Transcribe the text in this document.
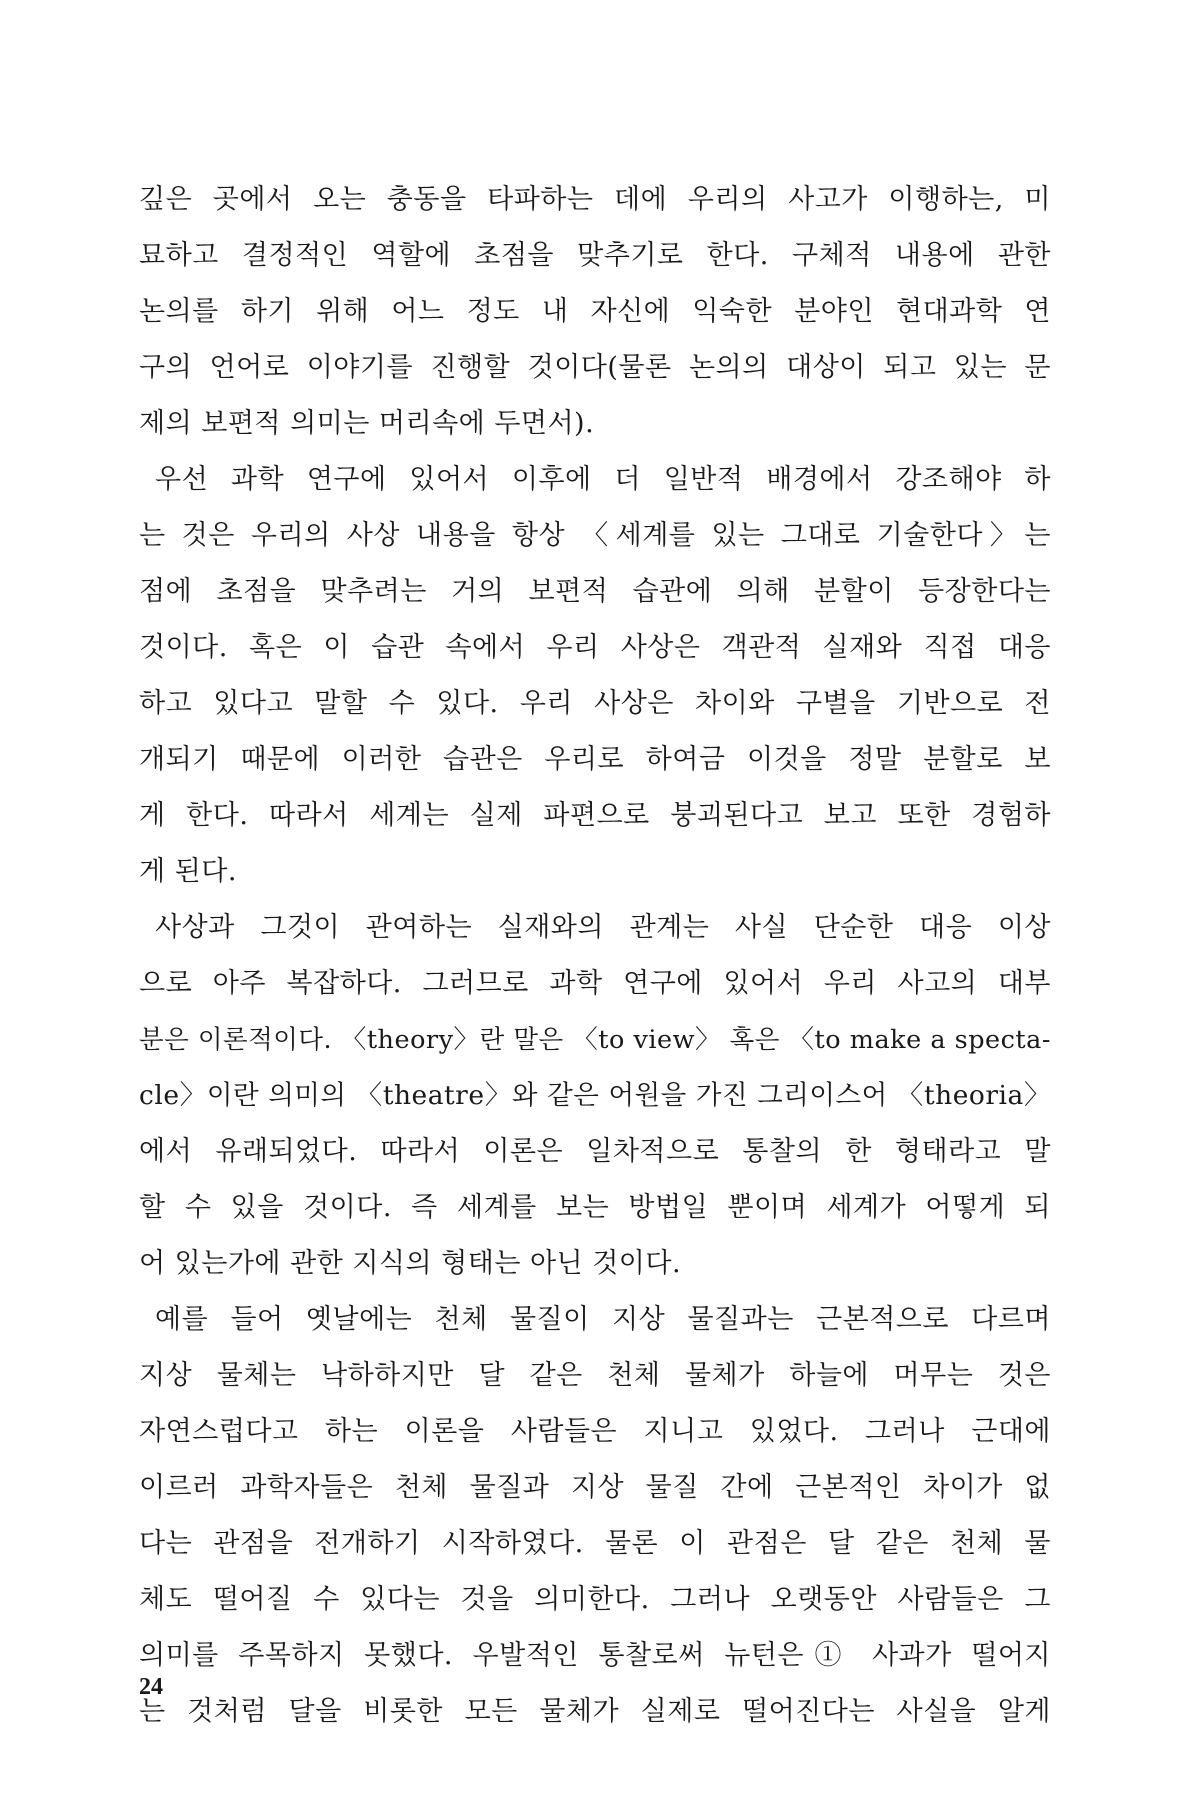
깊은 곳에서 오는 충동을 타파하는 데에 우리의 사고가 이행하는, 미
묘하고 결정적인 역할에 초점을 맞추기로 한다. 구체적 내용에 관한
논의를 하기 위해 어느 정도 내 자신에 익숙한 분야인 현대과학 연
구의 언어로 이야기를 진행할 것이다(물론 논의의 대상이 되고 있는 문
제의 보편적 의미는 머리속에 두면서).
우선 과학 연구에 있어서 이후에 더 일반적 배경에서 강조해야 하
는 것은 우리의 사상 내용을 항상 〈세계를 있는 그대로 기술한다〉는
점에 초점을 맞추려는 거의 보편적 습관에 의해 분할이 등장한다는
것이다. 혹은 이 습관 속에서 우리 사상은 객관적 실재와 직접 대응
하고 있다고 말할 수 있다. 우리 사상은 차이와 구별을 기반으로 전
개되기 때문에 이러한 습관은 우리로 하여금 이것을 정말 분할로 보
게 한다. 따라서 세계는 실제 파편으로 붕괴된다고 보고 또한 경험하
게 된다.
사상과 그것이 관여하는 실재와의 관계는 사실 단순한 대응 이상
으로 아주 복잡하다. 그러므로 과학 연구에 있어서 우리 사고의 대부
분은 이론적이다. 〈theory〉란 말은 〈to view〉 혹은 〈to make a specta-
cle〉이란 의미의 〈theatre〉와 같은 어원을 가진 그리이스어 〈theoria〉
에서 유래되었다. 따라서 이론은 일차적으로 통찰의 한 형태라고 말
할 수 있을 것이다. 즉 세계를 보는 방법일 뿐이며 세계가 어떻게 되
어 있는가에 관한 지식의 형태는 아닌 것이다.
예를 들어 옛날에는 천체 물질이 지상 물질과는 근본적으로 다르며
지상 물체는 낙하하지만 달 같은 천체 물체가 하늘에 머무는 것은
자연스럽다고 하는 이론을 사람들은 지니고 있었다. 그러나 근대에
이르러 과학자들은 천체 물질과 지상 물질 간에 근본적인 차이가 없
다는 관점을 전개하기 시작하였다. 물론 이 관점은 달 같은 천체 물
체도 떨어질 수 있다는 것을 의미한다. 그러나 오랫동안 사람들은 그
의미를 주목하지 못했다. 우발적인 통찰로써 뉴턴은① 사과가 떨어지
는 것처럼 달을 비롯한 모든 물체가 실제로 떨어진다는 사실을 알게
24
